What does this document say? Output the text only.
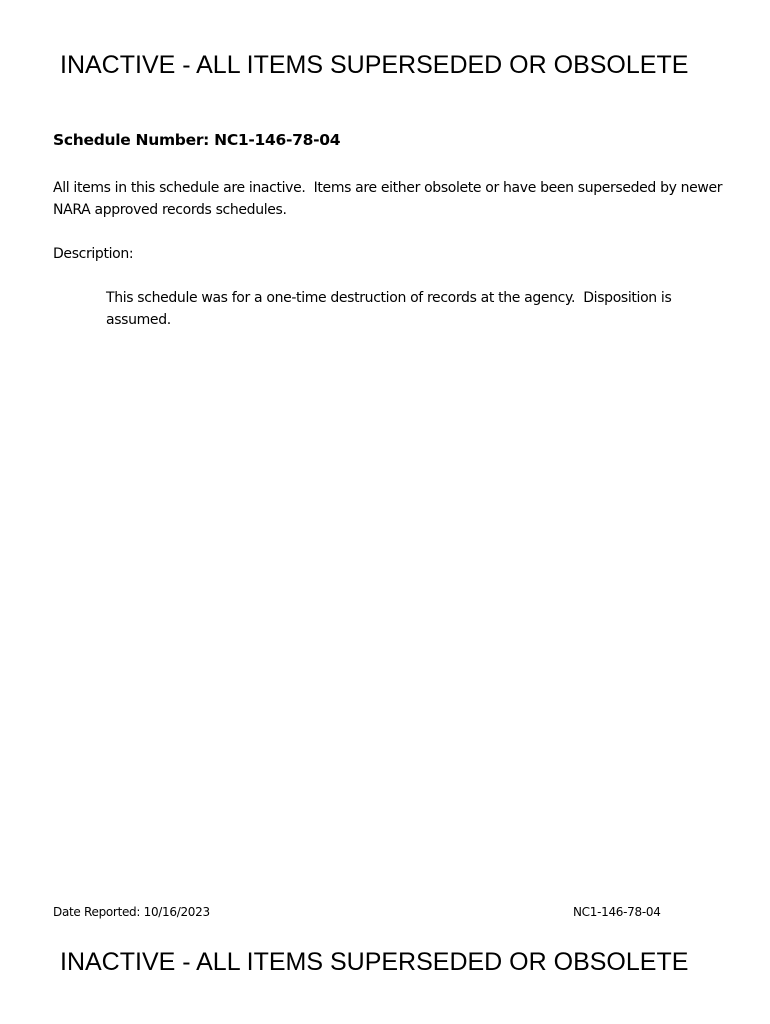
INACTIVE - ALL ITEMS SUPERSEDED OR OBSOLETE
Schedule Number: NC1-146-78-04
All items in this schedule are inactive.  Items are either obsolete or have been superseded by newer NARA approved records schedules.
Description:
This schedule was for a one-time destruction of records at the agency.  Disposition is assumed.
Date Reported: 10/16/2023	NC1-146-78-04
INACTIVE - ALL ITEMS SUPERSEDED OR OBSOLETE
